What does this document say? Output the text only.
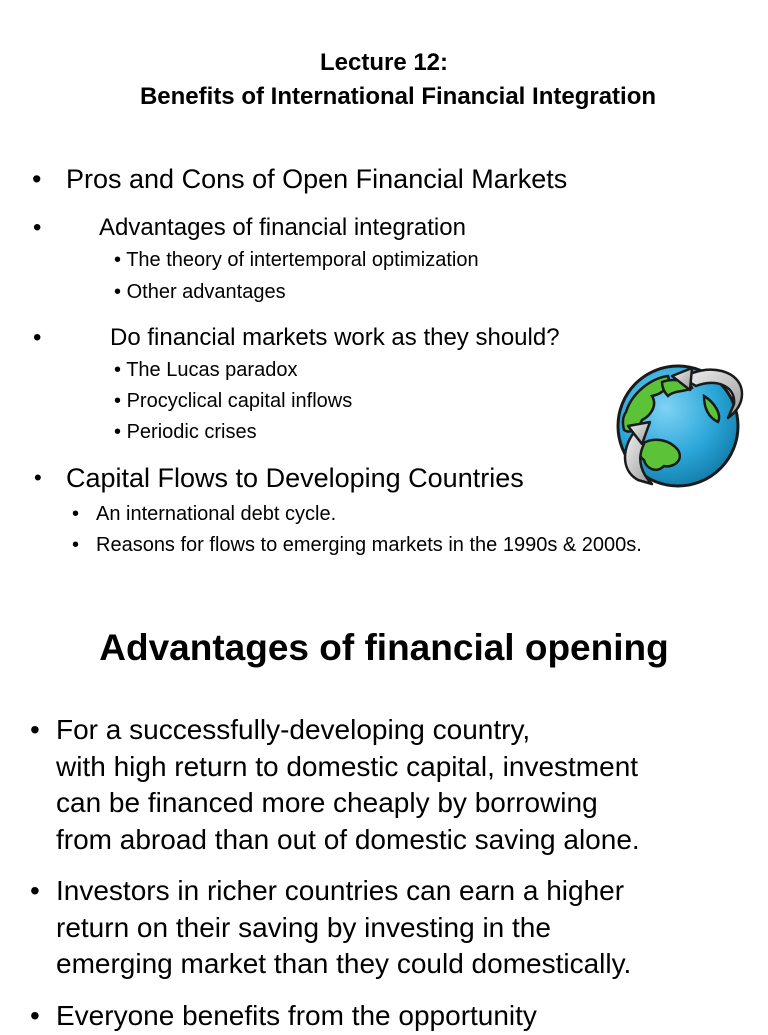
Lecture 12:

Benefits of International Financial Integration
• Pros and Cons of Open Financial Markets
• Advantages of financial integration
• The theory of intertemporal optimization
• Other advantages
•	Do financial markets work as they should?
• The Lucas paradox
• Procyclical capital inflows
• Periodic crises
• Capital Flows to Developing Countries
• An international debt cycle.
• Reasons for flows to emerging markets in the 1990s & 2000s.
Advantages of financial opening
• For a successfully-developing country,
with high return to domestic capital, investment
can be financed more cheaply by borrowing
from abroad than out of domestic saving alone.
• Investors in richer countries can earn a higher
return on their saving by investing in the
emerging market than they could domestically.
• Everyone benefits from the opportunity
